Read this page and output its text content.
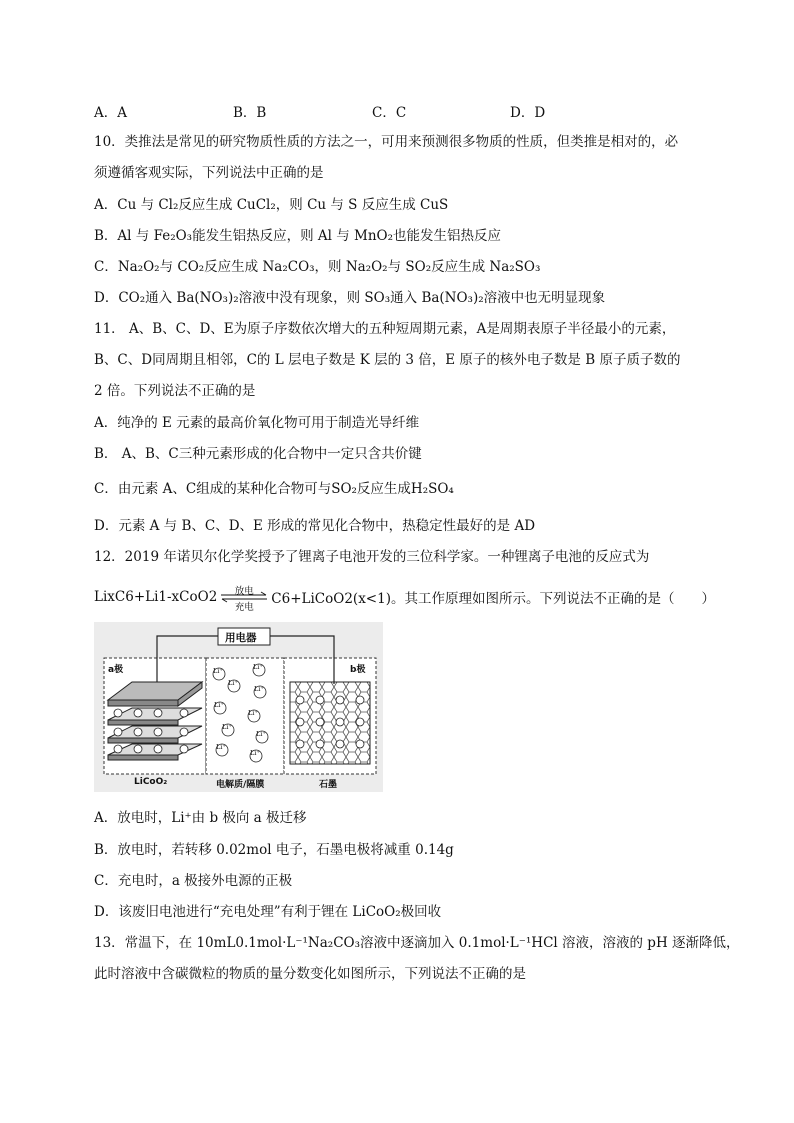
A．A	B．B	C．C	D．D
10．类推法是常见的研究物质性质的方法之一，可用来预测很多物质的性质，但类推是相对的，必
须遵循客观实际，下列说法中正确的是
A．Cu 与 Cl₂反应生成 CuCl₂，则 Cu 与 S 反应生成 CuS
B．Al 与 Fe₂O₃能发生铝热反应，则 Al 与 MnO₂也能发生铝热反应
C．Na₂O₂与 CO₂反应生成 Na₂CO₃，则 Na₂O₂与 SO₂反应生成 Na₂SO₃
D．CO₂通入 Ba(NO₃)₂溶液中没有现象，则 SO₃通入 Ba(NO₃)₂溶液中也无明显现象
11． A、B、C、D、E为原子序数依次增大的五种短周期元素，A是周期表原子半径最小的元素，
B、C、D同周期且相邻，C的 L 层电子数是 K 层的 3 倍，E 原子的核外电子数是 B 原子质子数的
2 倍。下列说法不正确的是
A．纯净的 E 元素的最高价氧化物可用于制造光导纤维
B． A、B、C三种元素形成的化合物中一定只含共价键
C．由元素 A、C组成的某种化合物可与SO₂反应生成H₂SO₄
D．元素 A 与 B、C、D、E 形成的常见化合物中，热稳定性最好的是 AD
12．2019 年诺贝尔化学奖授予了锂离子电池开发的三位科学家。一种锂离子电池的反应式为
LixC6+Li1-xCoO2	放电
充电
C6+LiCoO2(x<1)。其工作原理如图所示。下列说法不正确的是（　　）
用电器
a极	b极
LiCoO₂	电解质/隔膜	石墨
Li⁺	Li⁺
Li⁺
Li⁺
Li⁺
Li⁺
Li⁺
Li⁺
Li⁺
Li⁺
A．放电时，Li⁺由 b 极向 a 极迁移
B．放电时，若转移 0.02mol 电子，石墨电极将减重 0.14g
C．充电时，a 极接外电源的正极
D．该废旧电池进行“充电处理”有利于锂在 LiCoO₂极回收
13．常温下，在 10mL0.1mol·L⁻¹Na₂CO₃溶液中逐滴加入 0.1mol·L⁻¹HCl 溶液，溶液的 pH 逐渐降低，
此时溶液中含碳微粒的物质的量分数变化如图所示，下列说法不正确的是
